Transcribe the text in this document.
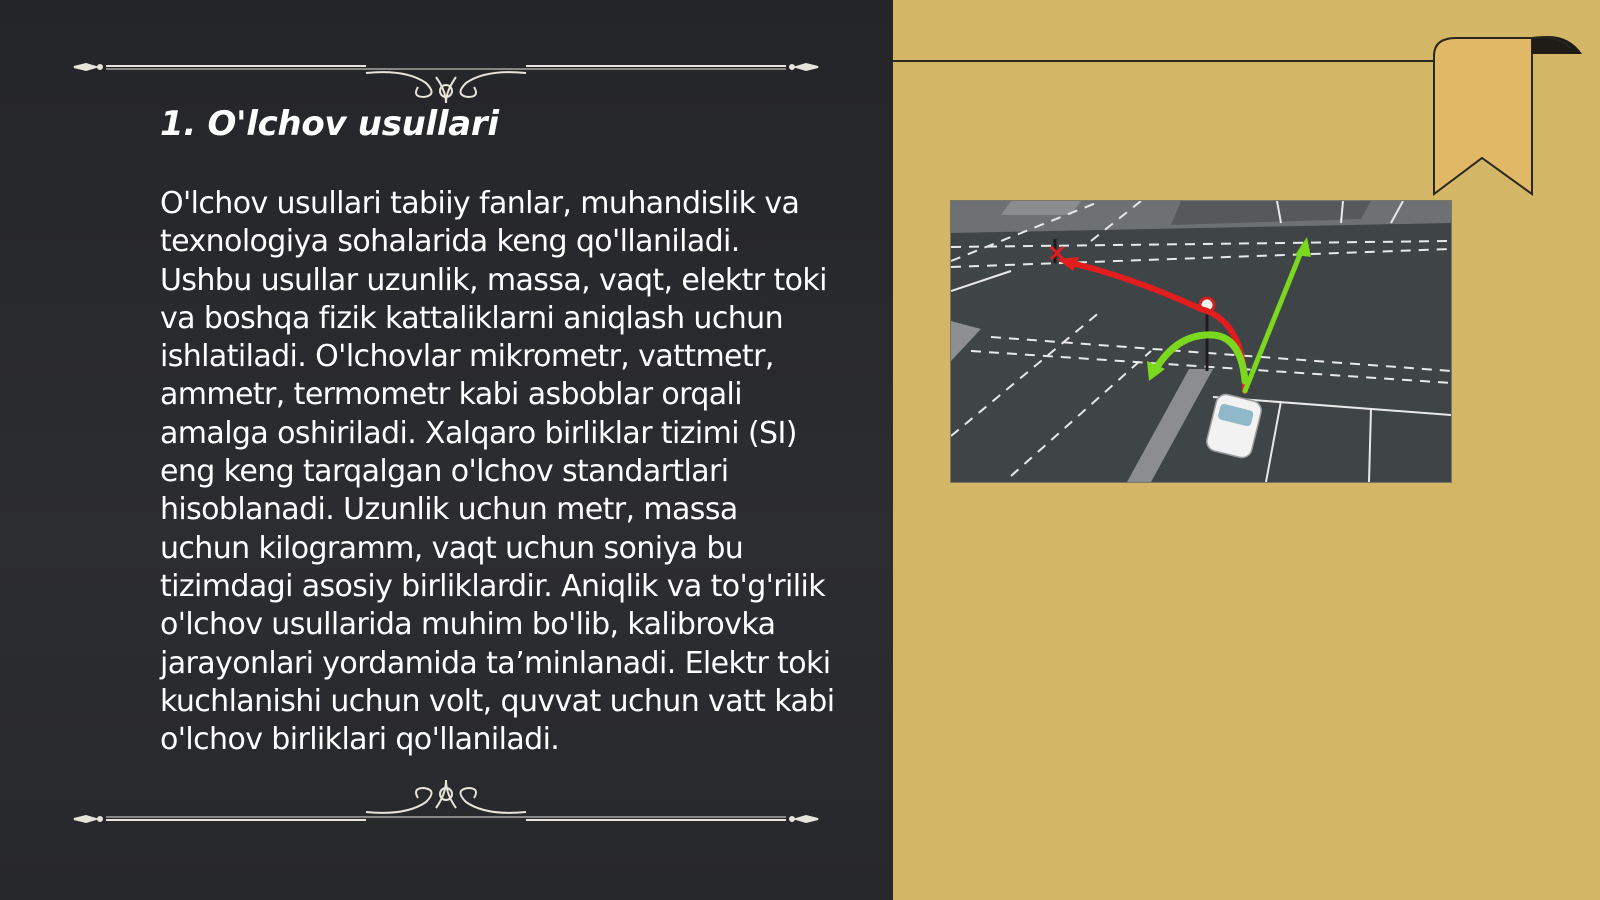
1. O'lchov usullari

O'lchov usullari tabiiy fanlar, muhandislik va texnologiya sohalarida keng qo'llaniladi. Ushbu usullar uzunlik, massa, vaqt, elektr toki va boshqa fizik kattaliklarni aniqlash uchun ishlatiladi. O'lchovlar mikrometr, vattmetr, ammetr, termometr kabi asboblar orqali amalga oshiriladi. Xalqaro birliklar tizimi (SI) eng keng tarqalgan o'lchov standartlari hisoblanadi. Uzunlik uchun metr, massa uchun kilogramm, vaqt uchun soniya bu tizimdagi asosiy birliklardir. Aniqlik va to'g'rilik o'lchov usullarida muhim bo'lib, kalibrovka jarayonlari yordamida ta’minlanadi. Elektr toki kuchlanishi uchun volt, quvvat uchun vatt kabi o'lchov birliklari qo'llaniladi.
